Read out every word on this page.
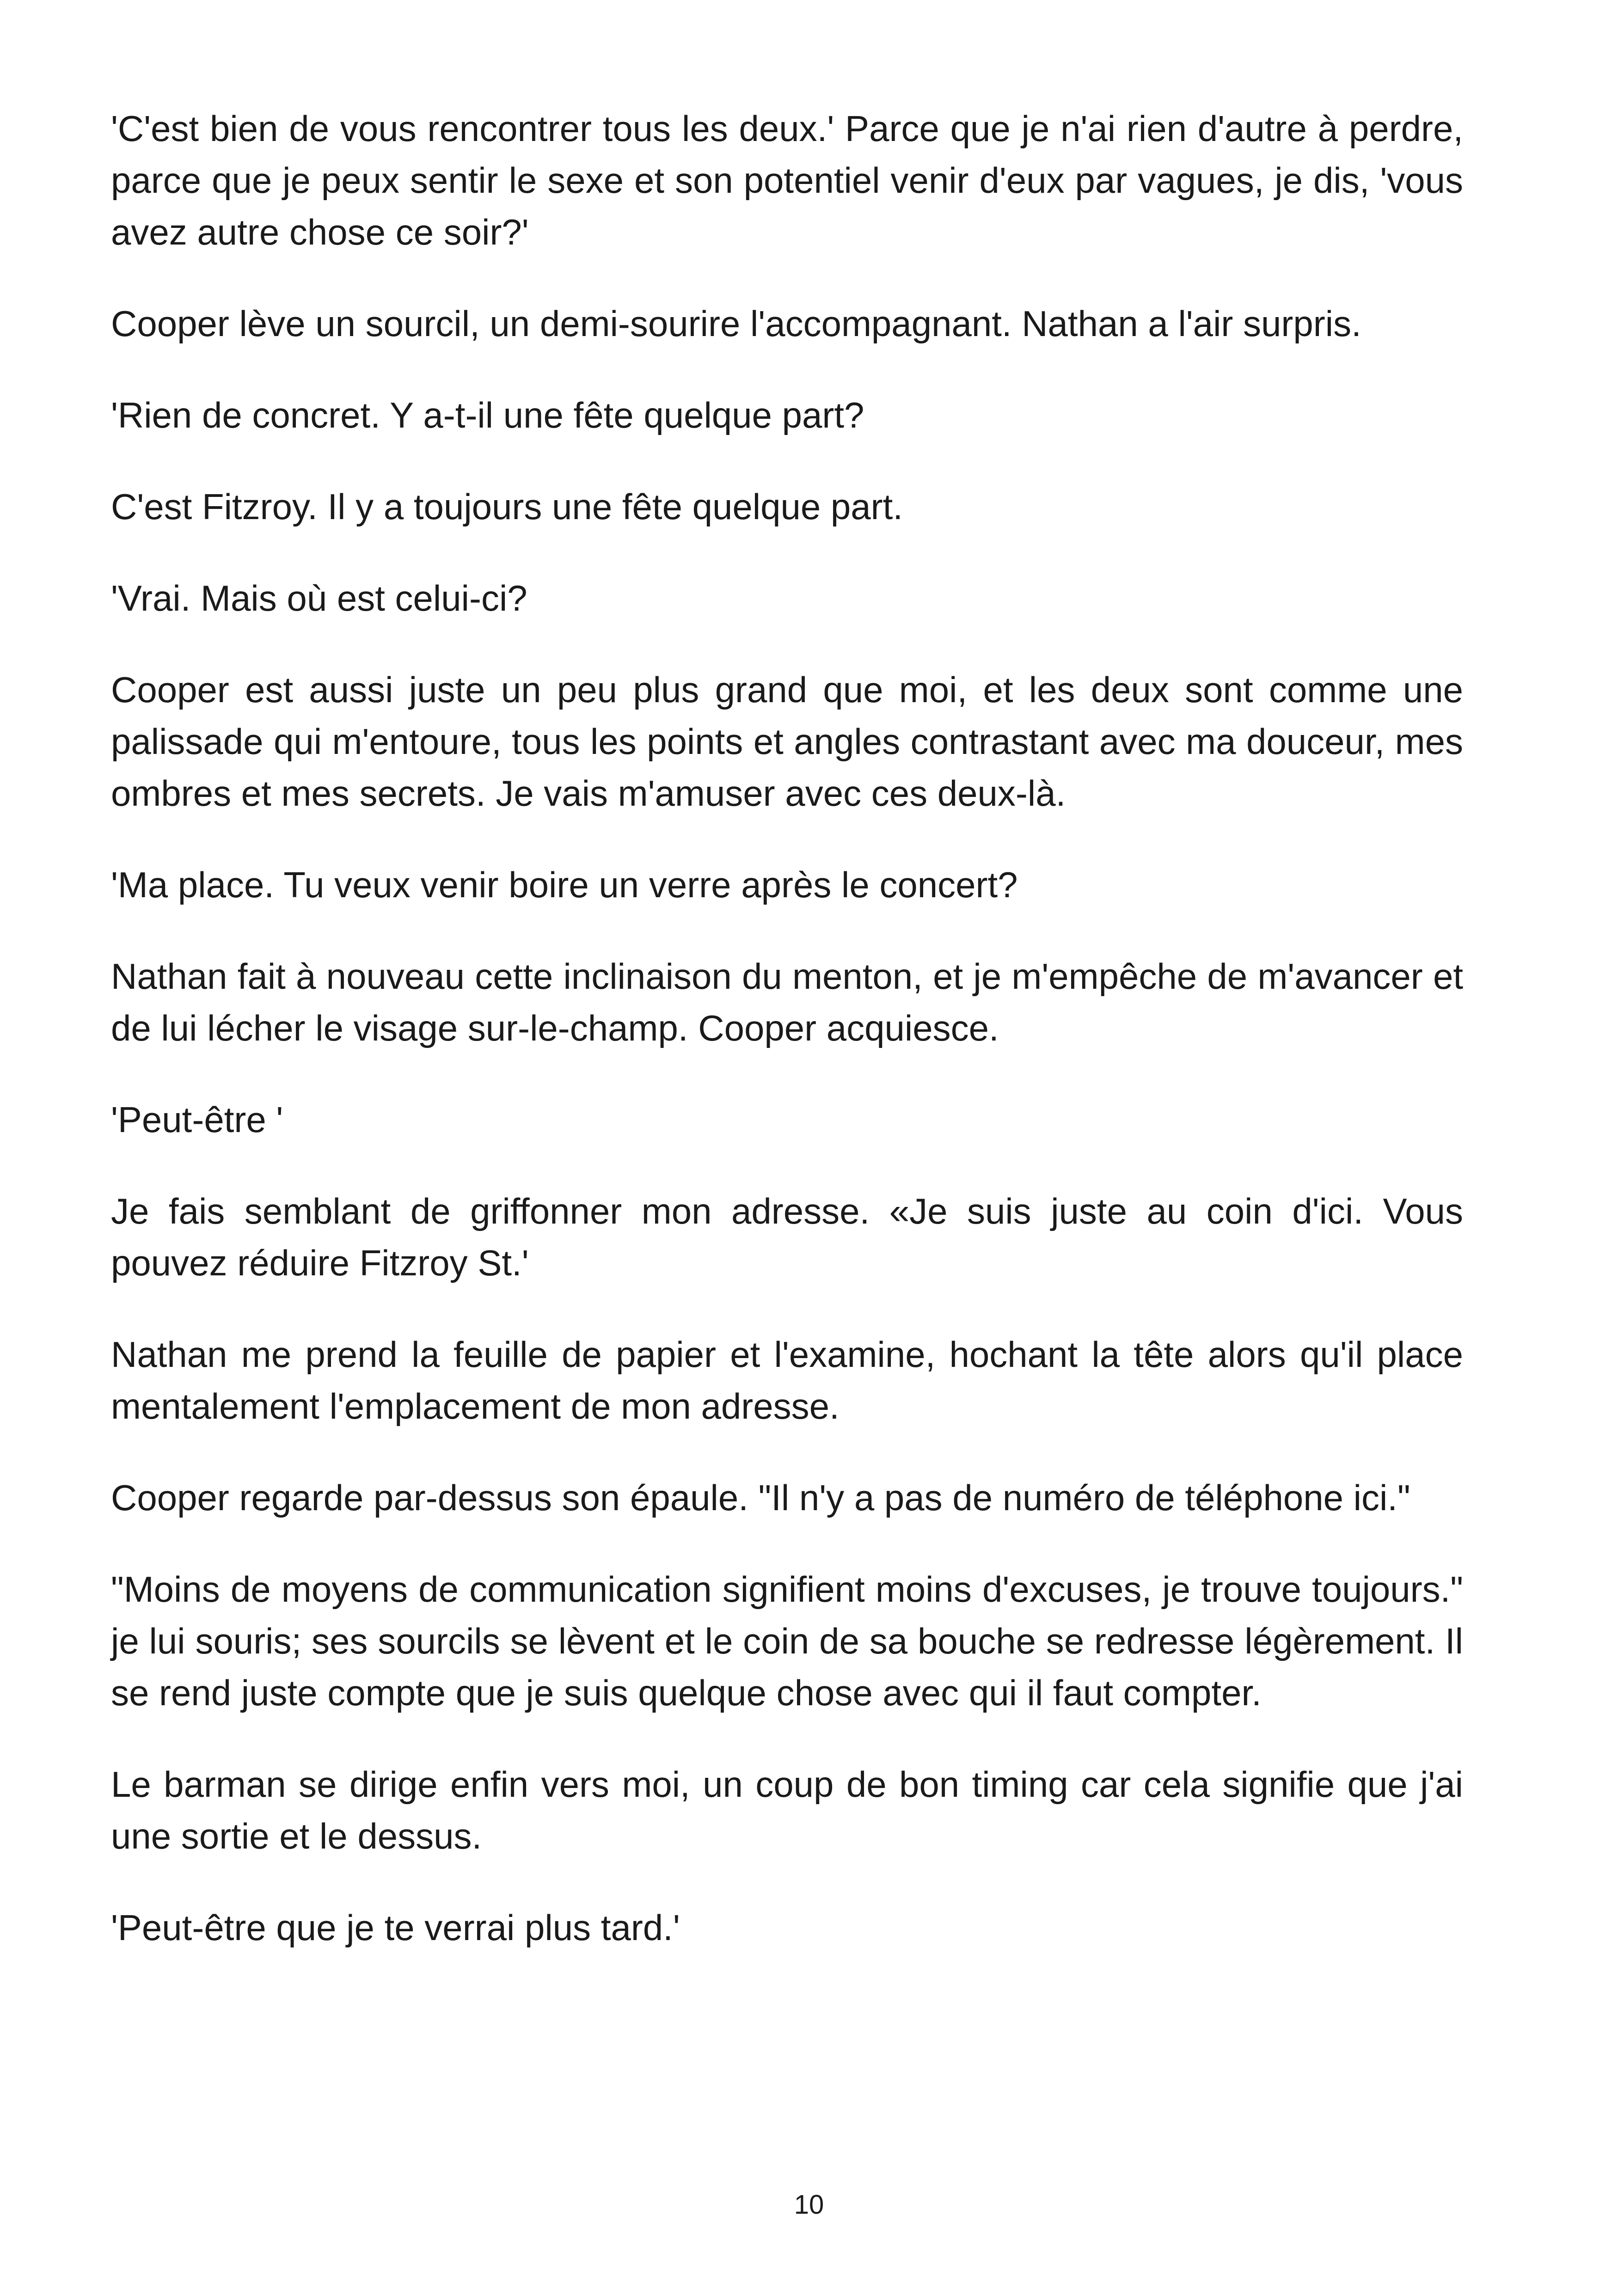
'C'est bien de vous rencontrer tous les deux.' Parce que je n'ai rien d'autre à perdre, parce que je peux sentir le sexe et son potentiel venir d'eux par vagues, je dis, 'vous avez autre chose ce soir?'

Cooper lève un sourcil, un demi-sourire l'accompagnant. Nathan a l'air surpris.

'Rien de concret. Y a-t-il une fête quelque part?

C'est Fitzroy. Il y a toujours une fête quelque part.

'Vrai. Mais où est celui-ci?

Cooper est aussi juste un peu plus grand que moi, et les deux sont comme une palissade qui m'entoure, tous les points et angles contrastant avec ma douceur, mes ombres et mes secrets. Je vais m'amuser avec ces deux-là.

'Ma place. Tu veux venir boire un verre après le concert?

Nathan fait à nouveau cette inclinaison du menton, et je m'empêche de m'avancer et de lui lécher le visage sur-le-champ. Cooper acquiesce.

'Peut-être '

Je fais semblant de griffonner mon adresse. «Je suis juste au coin d'ici. Vous pouvez réduire Fitzroy St.'

Nathan me prend la feuille de papier et l'examine, hochant la tête alors qu'il place mentalement l'emplacement de mon adresse.

Cooper regarde par-dessus son épaule. "Il n'y a pas de numéro de téléphone ici."

"Moins de moyens de communication signifient moins d'excuses, je trouve toujours." je lui souris; ses sourcils se lèvent et le coin de sa bouche se redresse légèrement. Il se rend juste compte que je suis quelque chose avec qui il faut compter.

Le barman se dirige enfin vers moi, un coup de bon timing car cela signifie que j'ai une sortie et le dessus.

'Peut-être que je te verrai plus tard.'

10
